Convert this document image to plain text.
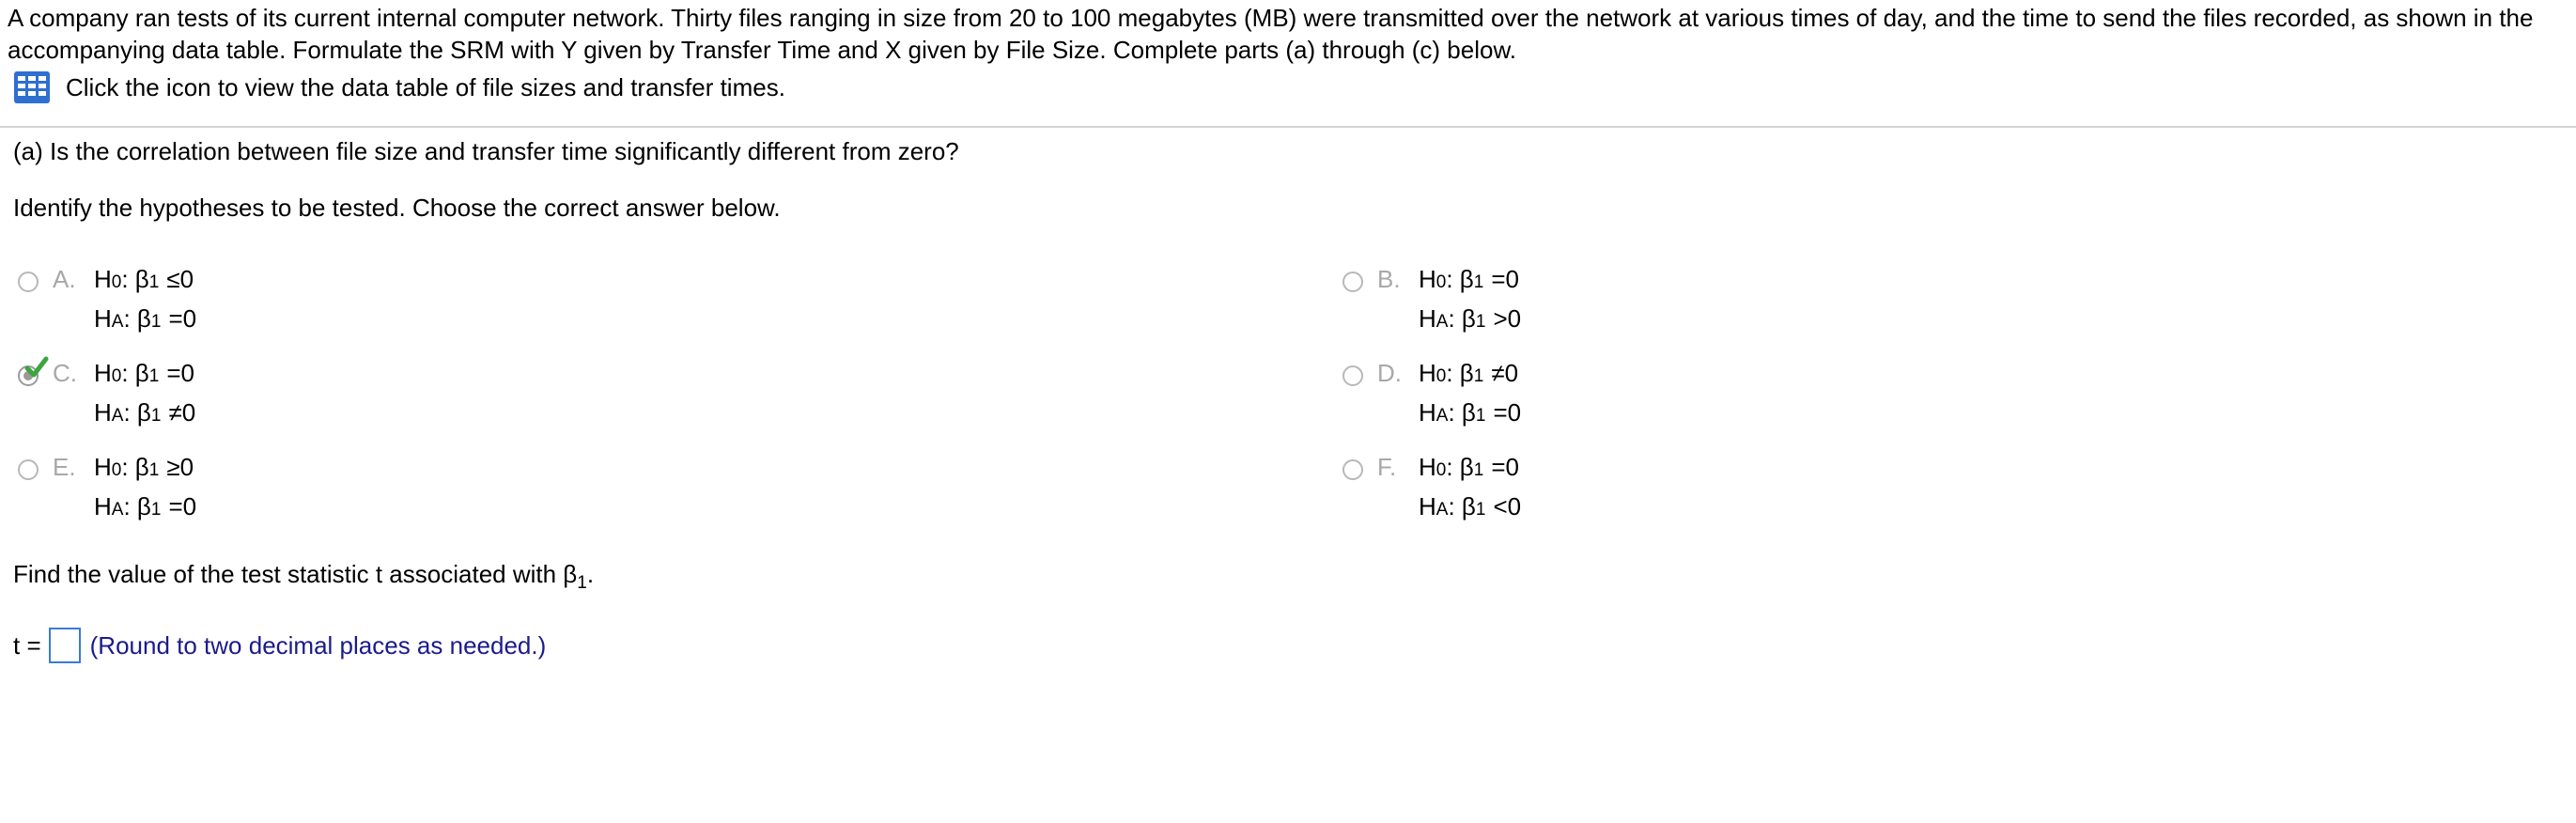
A company ran tests of its current internal computer network. Thirty files ranging in size from 20 to 100 megabytes (MB) were transmitted over the network at various times of day, and the time to send the files recorded, as shown in the accompanying data table. Formulate the SRM with Y given by Transfer Time and X given by File Size. Complete parts (a) through (c) below.

Click the icon to view the data table of file sizes and transfer times.

(a) Is the correlation between file size and transfer time significantly different from zero?

Identify the hypotheses to be tested. Choose the correct answer below.

A. H 0 : β 1 ≤0
H A : β 1 =0
B. H 0 : β 1 =0
H A : β 1 >0
C. H 0 : β 1 =0
H A : β 1 ≠0
D. H 0 : β 1 ≠0
H A : β 1 =0
E. H 0 : β 1 ≥0
H A : β 1 =0
F. H 0 : β 1 =0
H A : β 1 <0

Find the value of the test statistic t associated with $\beta_1$.

t = (Round to two decimal places as needed.)
